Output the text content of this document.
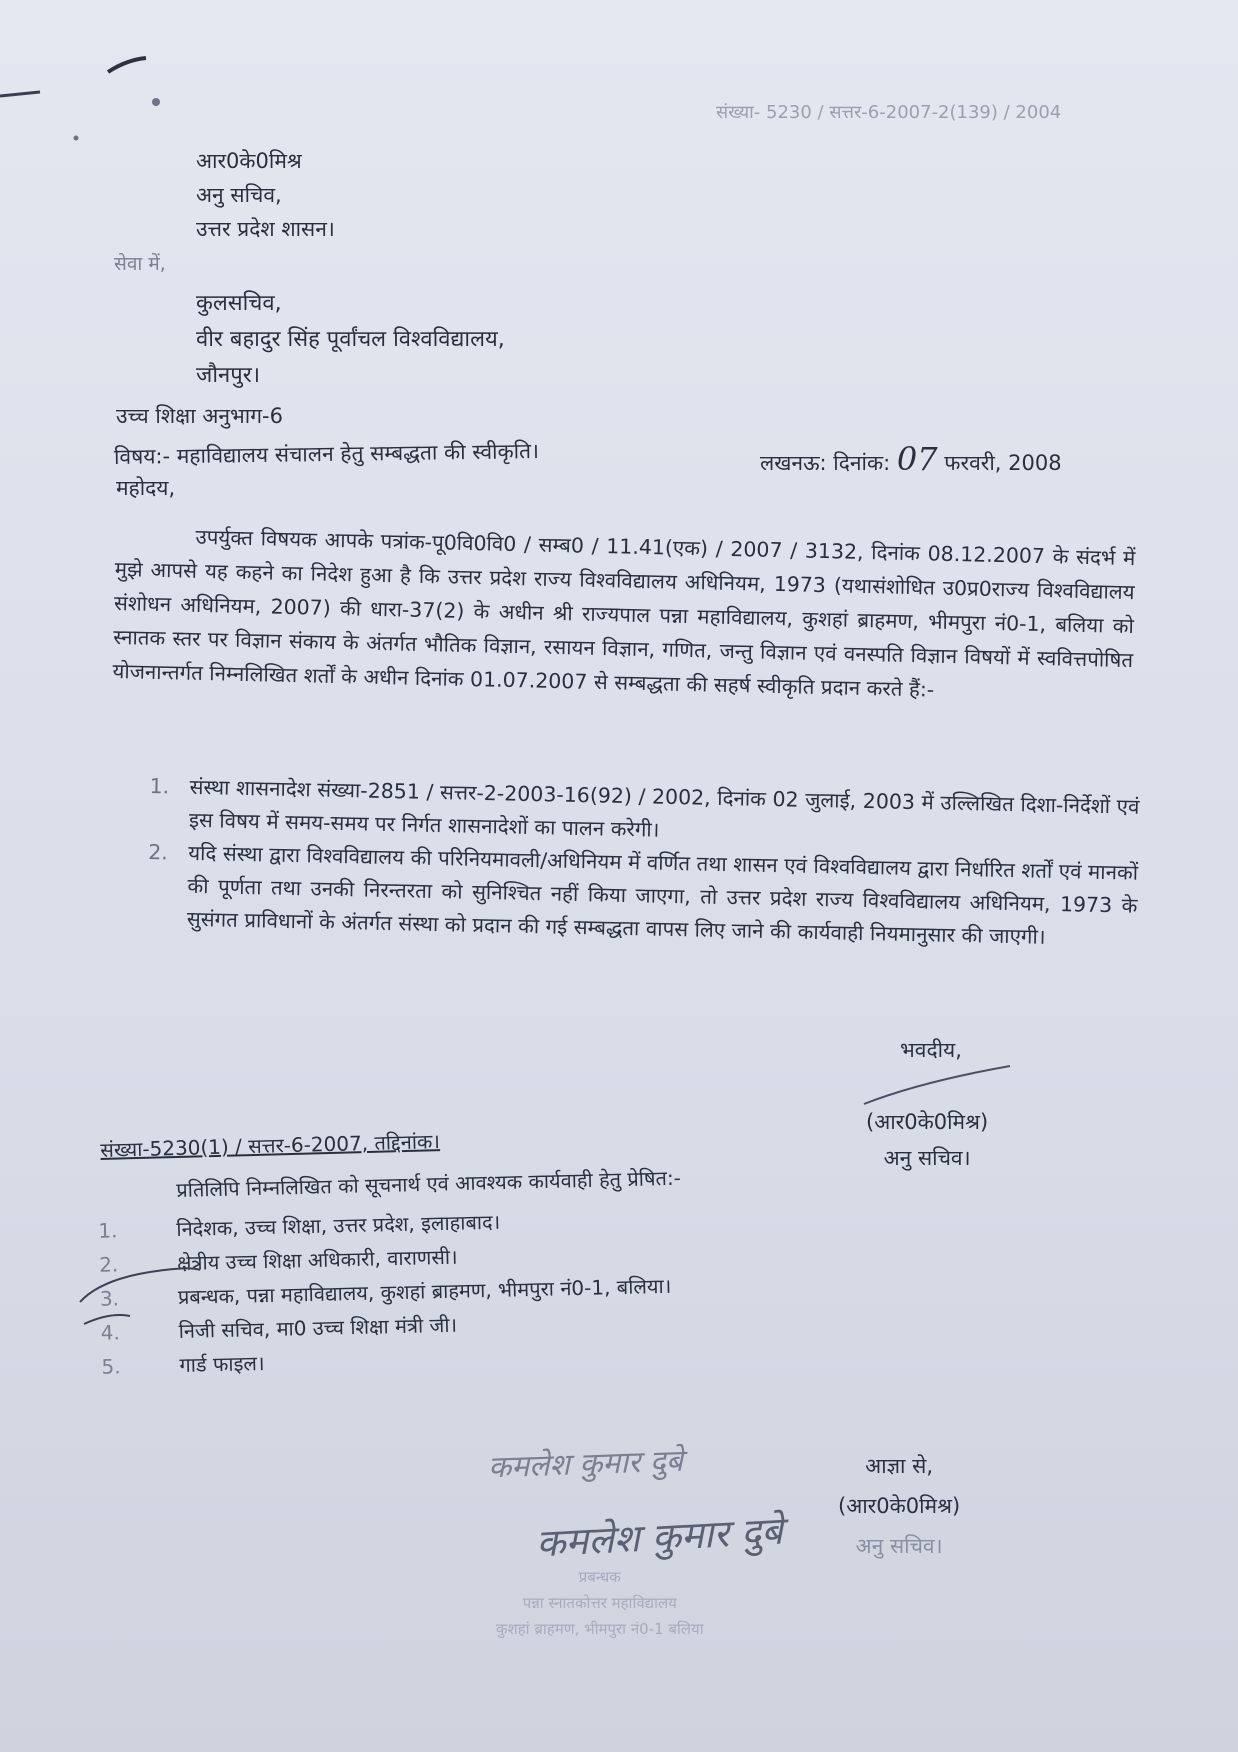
संख्या- 5230 / सत्तर-6-2007-2(139) / 2004
आर0के0मिश्र
अनु सचिव,
उत्तर प्रदेश शासन।
सेवा में,
कुलसचिव,
वीर बहादुर सिंह पूर्वांचल विश्वविद्यालय,
जौनपुर।
उच्च शिक्षा अनुभाग-6
विषय:- महाविद्यालय संचालन हेतु सम्बद्धता की स्वीकृति।	लखनऊ: दिनांक: 07 फरवरी, 2008
महोदय,
उपर्युक्त विषयक आपके पत्रांक-पू0वि0वि0 / सम्ब0 / 11.41(एक) / 2007 / 3132, दिनांक 08.12.2007 के संदर्भ में मुझे आपसे यह कहने का निदेश हुआ है कि उत्तर प्रदेश राज्य विश्वविद्यालय अधिनियम, 1973 (यथासंशोधित उ0प्र0राज्य विश्वविद्यालय संशोधन अधिनियम, 2007) की धारा-37(2) के अधीन श्री राज्यपाल पन्ना महाविद्यालय, कुशहां ब्राहमण, भीमपुरा नं0-1, बलिया को स्नातक स्तर पर विज्ञान संकाय के अंतर्गत भौतिक विज्ञान, रसायन विज्ञान, गणित, जन्तु विज्ञान एवं वनस्पति विज्ञान विषयों में स्ववित्तपोषित योजनान्तर्गत निम्नलिखित शर्तों के अधीन दिनांक 01.07.2007 से सम्बद्धता की सहर्ष स्वीकृति प्रदान करते हैं:-
1. संस्था शासनादेश संख्या-2851 / सत्तर-2-2003-16(92) / 2002, दिनांक 02 जुलाई, 2003 में उल्लिखित दिशा-निर्देशों एवं इस विषय में समय-समय पर निर्गत शासनादेशों का पालन करेगी।
2. यदि संस्था द्वारा विश्वविद्यालय की परिनियमावली/अधिनियम में वर्णित तथा शासन एवं विश्वविद्यालय द्वारा निर्धारित शर्तों एवं मानकों की पूर्णता तथा उनकी निरन्तरता को सुनिश्चित नहीं किया जाएगा, तो उत्तर प्रदेश राज्य विश्वविद्यालय अधिनियम, 1973 के सुसंगत प्राविधानों के अंतर्गत संस्था को प्रदान की गई सम्बद्धता वापस लिए जाने की कार्यवाही नियमानुसार की जाएगी।
भवदीय,
(आर0के0मिश्र)
अनु सचिव।
संख्या-5230(1) / सत्तर-6-2007, तद्दिनांक।
प्रतिलिपि निम्नलिखित को सूचनार्थ एवं आवश्यक कार्यवाही हेतु प्रेषित:-
1.	निदेशक, उच्च शिक्षा, उत्तर प्रदेश, इलाहाबाद।
2.	क्षेत्रीय उच्च शिक्षा अधिकारी, वाराणसी।
3.	प्रबन्धक, पन्ना महाविद्यालय, कुशहां ब्राहमण, भीमपुरा नं0-1, बलिया।
4.	निजी सचिव, मा0 उच्च शिक्षा मंत्री जी।
5.	गार्ड फाइल।
कमलेश कुमार दुबे
कमलेश कुमार दुबे
प्रबन्धक
पन्ना स्नातकोत्तर महाविद्यालय
कुशहां ब्राहमण, भीमपुरा नं0-1 बलिया
आज्ञा से,
(आर0के0मिश्र)
अनु सचिव।
